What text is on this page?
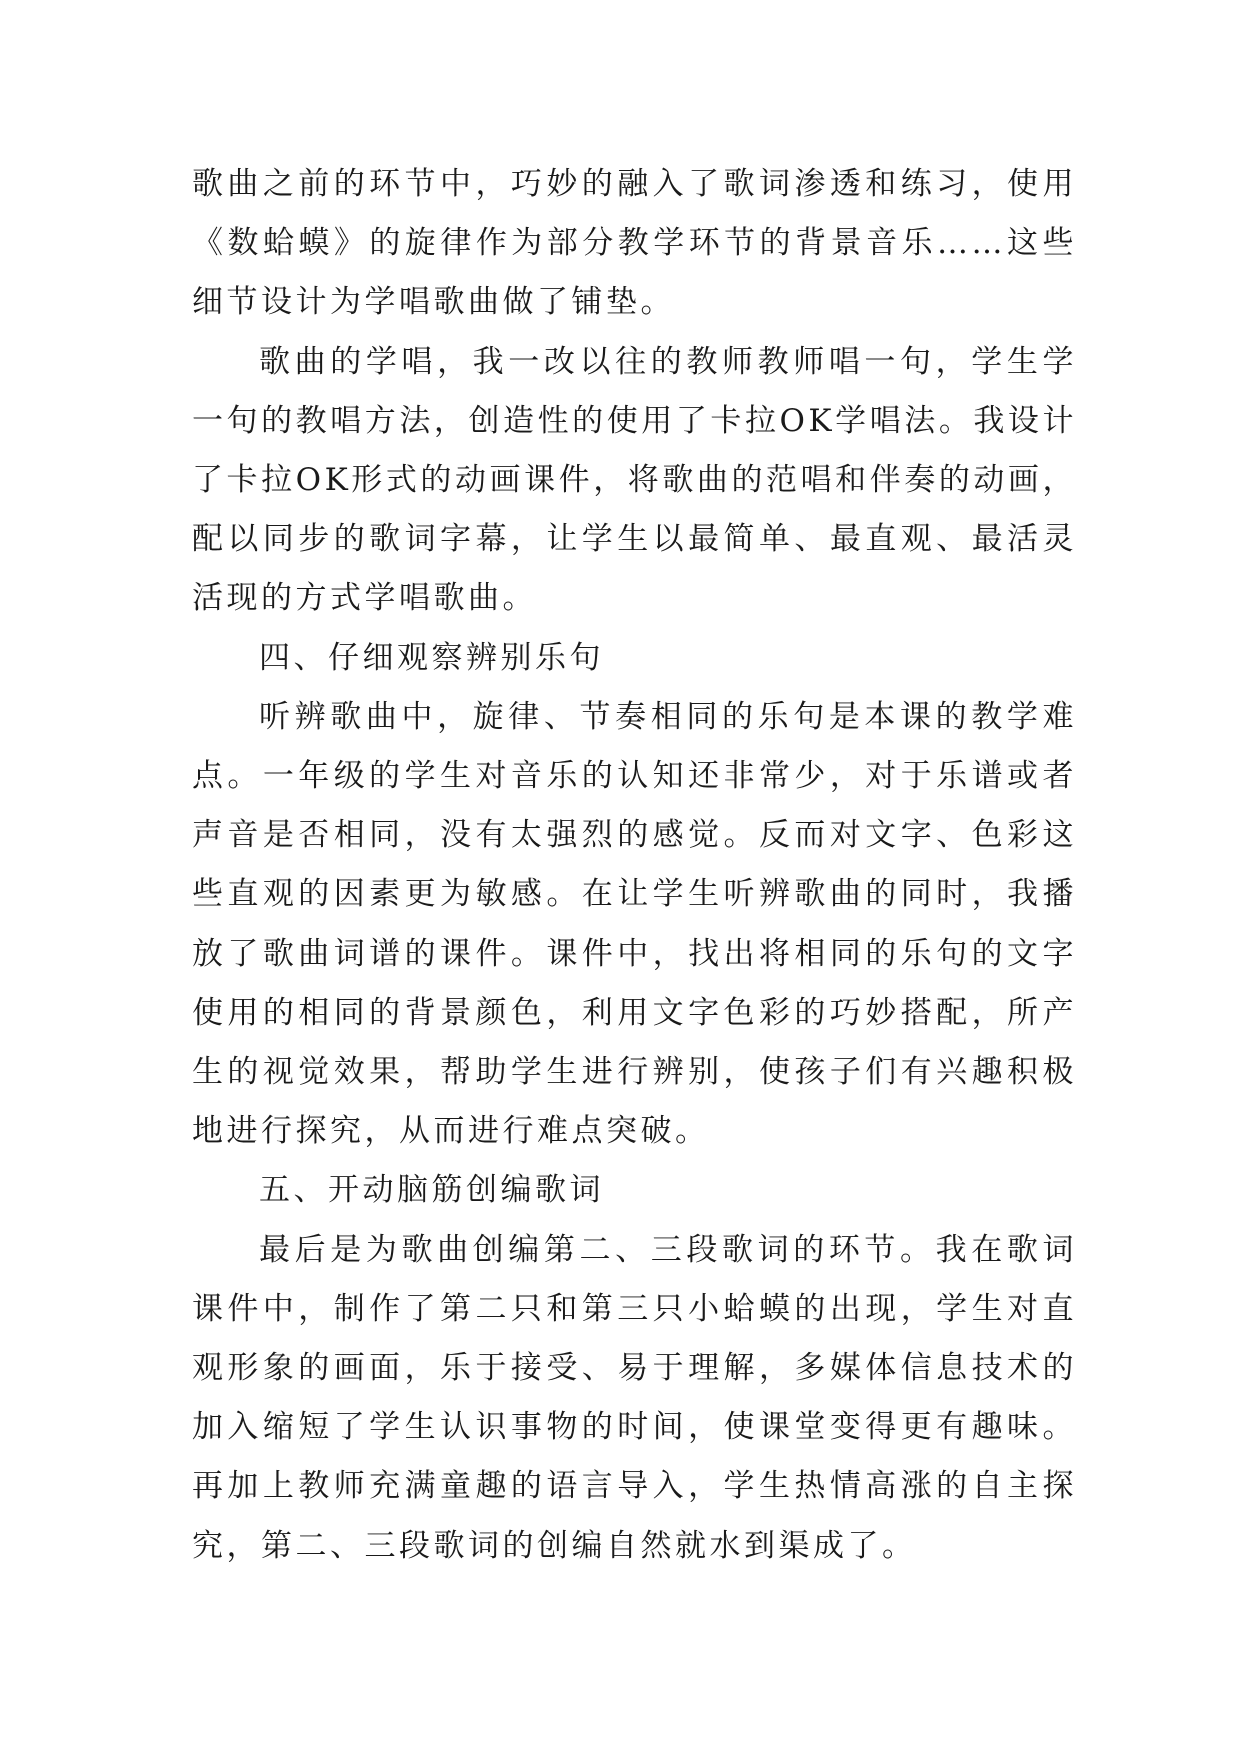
歌曲之前的环节中，巧妙的融入了歌词渗透和练习，使用《数蛤蟆》的旋律作为部分教学环节的背景音乐……这些细节设计为学唱歌曲做了铺垫。

歌曲的学唱，我一改以往的教师教师唱一句，学生学一句的教唱方法，创造性的使用了卡拉OK学唱法。我设计了卡拉OK形式的动画课件，将歌曲的范唱和伴奏的动画，配以同步的歌词字幕，让学生以最简单、最直观、最活灵活现的方式学唱歌曲。

四、仔细观察辨别乐句

听辨歌曲中，旋律、节奏相同的乐句是本课的教学难点。一年级的学生对音乐的认知还非常少，对于乐谱或者声音是否相同，没有太强烈的感觉。反而对文字、色彩这些直观的因素更为敏感。在让学生听辨歌曲的同时，我播放了歌曲词谱的课件。课件中，找出将相同的乐句的文字使用的相同的背景颜色，利用文字色彩的巧妙搭配，所产生的视觉效果，帮助学生进行辨别，使孩子们有兴趣积极地进行探究，从而进行难点突破。

五、开动脑筋创编歌词

最后是为歌曲创编第二、三段歌词的环节。我在歌词课件中，制作了第二只和第三只小蛤蟆的出现，学生对直观形象的画面，乐于接受、易于理解，多媒体信息技术的加入缩短了学生认识事物的时间，使课堂变得更有趣味。再加上教师充满童趣的语言导入，学生热情高涨的自主探究，第二、三段歌词的创编自然就水到渠成了。
